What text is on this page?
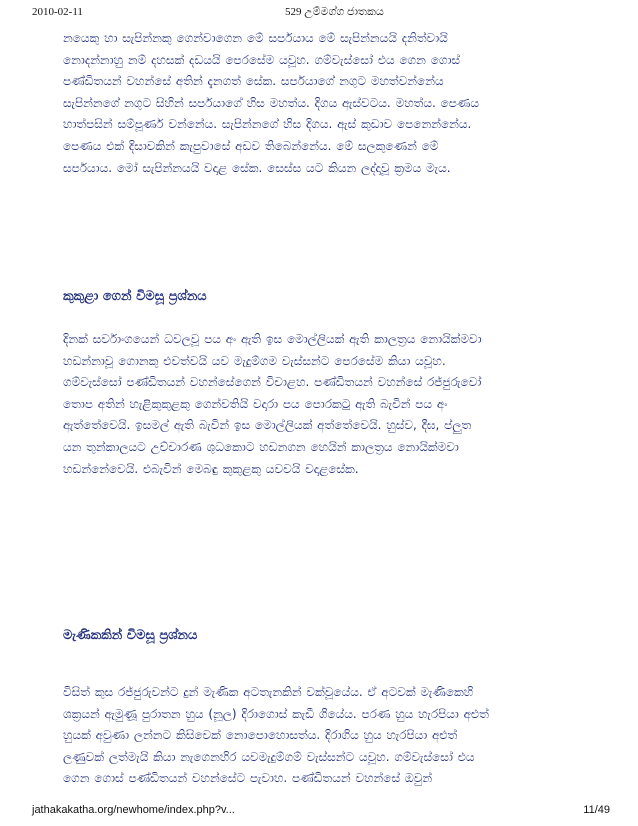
2010-02-11	529 උම්මග්ග ජාතකය
නයෙකු හා සැපින්නකු ගෙන්වාගෙන මේ සර්පයාය මේ සැපින්නයයි දනිත්වායි
නොදන්නාහු නම් දහසක් දඩයයි පෙරසේම යවූහ. ගම්වැස්සෝ එය ගෙන ගොස්
පණ්ඩිතයන් වහන්සේ අතින් දැනගත් සේක. සර්පයාගේ නගුට මහත්වන්නේය
සැපින්නගේ නගුට සිහින් සර්පයාගේ හිස මහත්ය. දිගය ඇස්වටය. මහත්ය. පෙණය
හාත්පසින් සම්පූර්ණ වන්නේය. සැපින්නගේ හිස දිගය. ඇස් කුඩාව පෙනෙන්නේය.
පෙණය එක් දිසාවකින් කැපුවාසේ අඩව තිබෙන්නේය. මේ සලකුණෙන් මේ
සර්පයාය. මෝ සැපින්නයයි වදාළ සේක. සෙස්ස යට කියන ලද්දාවූ ක්‍රමය මැය.
කුකුළා ගෙන් විමසූ ප්‍රශ්නය
දිනක් සර්වාංගයෙන් ධවලවූ පය අං ඇති ඉස මොල්ලියක් ඇති කාලත්‍රය නොයික්මවා
හඩන්නාවූ ගොනකු එවත්වයි යව මැදුම්ගම වැස්සන්ට පෙරසේම කියා යවූහ.
ගම්වැස්සෝ පණ්ඩිතයන් වහන්සේගෙන් විචාළහ. පණ්ඩිතයන් වහන්සේ රජ්ජුරුවෝ
තොප අතින් හැළිකුකුළකු ගෙන්වතියි වදාරා පය පොරකටු ඇති බැවින් පය අං
ඇත්තේවෙයි. ඉසමල් ඇති බැවින් ඉස මොල්ලියක් අත්තේවෙයි. හුස්ව, දීඝ, ප්ලුත
යන තුන්කාලයට උච්චාරණ ශුධකොට හඩනගන හෙයින් කාලත්‍රය නොයික්මවා
හඩන්නේවෙයි. එබැවින් මෙබඳු කුකුළකු යවවයි වදාළසේක.
මැණිකකින් විමසූ ප්‍රශ්නය
විසිත් කුස රජ්ජුරුවන්ට දුන් මැණික අටතැනකින් වක්වූයේය. ඒ අටවක් මැණිකෙහි
ශක්‍රයන් ඇමුණූ පුරාතන හුය (නූල) දිරාගොස් කැඩී ගියේය. පරණ හුය හැරපියා අළුත්
හුයක් අවුණා ලන්නට කිසිවෙක් නොපොහොසත්ය. දිරාගිය හුය හැරපියා අළුත්
ලණුවක් ලත්මැයි කියා නැගෙනහිර යවමැදුම්ගම් වැස්සන්ට යවූහ. ගම්වැස්සෝ එය
ගෙන ගොස් පණ්ඩිතයන් වහන්සේට පැවාහ. පණ්ඩිතයන් වහන්සේ ඔවුන්
jathakakatha.org/newhome/index.php?v...	11/49
